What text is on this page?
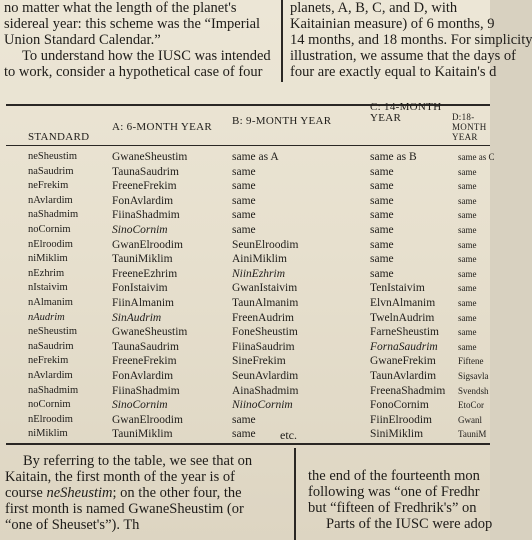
no matter what the length of the planet's
sidereal year: this scheme was the “Imperial
Union Standard Calendar.”
To understand how the IUSC was intended
to work, consider a hypothetical case of four
planets, A, B, C, and D, with
Kaitainian measure) of 6 months, 9
14 months, and 18 months. For simplicity
illustration, we assume that the days of
four are exactly equal to Kaitain's d
STANDARD
A: 6-MONTH YEAR B: 9-MONTH YEAR
C: 14-MONTH YEAR	D:18-MONTH YEAR
neSheustim	GwaneSheustim	same as A	same as B	same as C
naSaudrim	TaunaSaudrim	same	same	same
neFrekim	FreeneFrekim	same	same	same
nAvlardim	FonAvlardim	same	same	same
naShadmim	FiinaShadmim	same	same	same
noCornim	SinoCornim	same	same	same
nElroodim	GwanElroodim	SeunElroodim	same	same
niMiklim	TauniMiklim	AiniMiklim	same	same
nEzhrim	FreeneEzhrim	NiinEzhrim	same	same
nIstaivim	FonIstaivim	GwanIstaivim	TenIstaivim	same
nAlmanim	FiinAlmanim	TaunAlmanim	ElvnAlmanim	same
nAudrim	SinAudrim	FreenAudrim	TwelnAudrim	same
neSheustim	GwaneSheustim	FoneSheustim	FarneSheustim same
naSaudrim	TaunaSaudrim	FiinaSaudrim	FornaSaudrim same
neFrekim	FreeneFrekim	SineFrekim	GwaneFrekim Fiftene
nAvlardim	FonAvlardim	SeunAvlardim	TaunAvlardim Sigsavla
naShadmim	FiinaShadmim	AinaShadmim	FreenaShadmim Svendsh
noCornim	SinoCornim	NiinoCornim	FonoCornim	EtoCor
nElroodim	GwanElroodim	same	FiinElroodim	Gwanl
niMiklim	TauniMiklim	same	SiniMiklim	TauniM
etc.
By referring to the table, we see that on
Kaitain, the first month of the year is of
course neSheustim; on the other four, the
first month is named GwaneSheustim (or
“one of Sheuset's”). Th
the end of the fourteenth mon
following was “one of Fredhr
but “fifteen of Fredhrik's” on
Parts of the IUSC were adop
